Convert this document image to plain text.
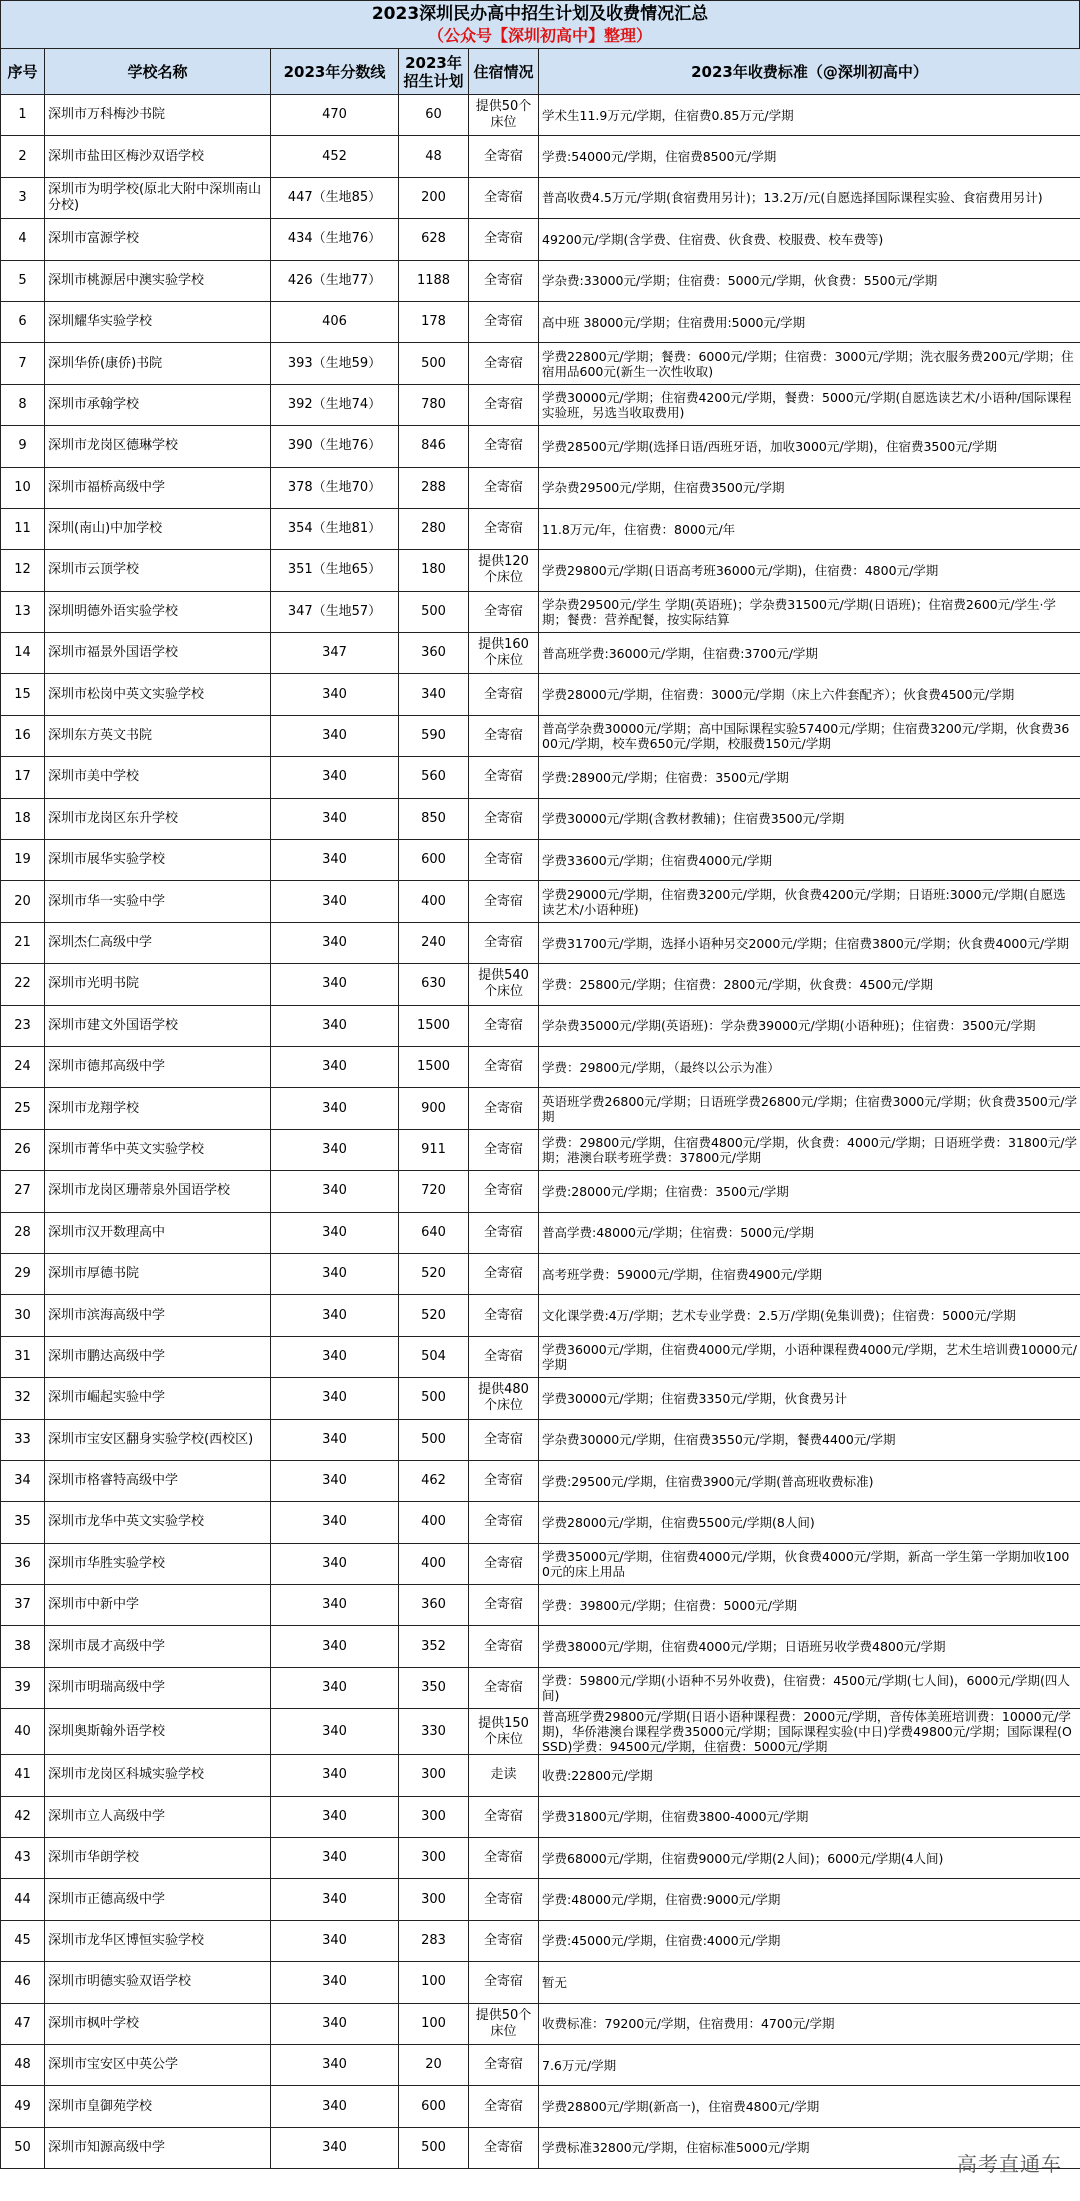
2023深圳民办高中招生计划及收费情况汇总
（公众号【深圳初高中】整理）
序号	学校名称	2023年分数线	2023年招生计划	住宿情况	2023年收费标准（@深圳初高中）
1	深圳市万科梅沙书院	470	60	提供50个床位	学术生11.9万元/学期，住宿费0.85万元/学期
2	深圳市盐田区梅沙双语学校	452	48	全寄宿	学费:54000元/学期，住宿费8500元/学期
3	深圳市为明学校(原北大附中深圳南山分校)	447（生地85）	200	全寄宿	普高收费4.5万元/学期(食宿费用另计)；13.2万/元(自愿选择国际课程实验、食宿费用另计)
4	深圳市富源学校	434（生地76）	628	全寄宿	49200元/学期(含学费、住宿费、伙食费、校服费、校车费等)
5	深圳市桃源居中澳实验学校	426（生地77）	1188	全寄宿	学杂费:33000元/学期；住宿费：5000元/学期，伙食费：5500元/学期
6	深圳耀华实验学校	406	178	全寄宿	高中班 38000元/学期；住宿费用:5000元/学期
7	深圳华侨(康侨)书院	393（生地59）	500	全寄宿	学费22800元/学期；餐费：6000元/学期；住宿费：3000元/学期；洗衣服务费200元/学期；住宿用品600元(新生一次性收取)
8	深圳市承翰学校	392（生地74）	780	全寄宿	学费30000元/学期；住宿费4200元/学期，餐费：5000元/学期(自愿选读艺术/小语种/国际课程实验班，另选当收取费用)
9	深圳市龙岗区德琳学校	390（生地76）	846	全寄宿	学费28500元/学期(选择日语/西班牙语，加收3000元/学期)，住宿费3500元/学期
10	深圳市福桥高级中学	378（生地70）	288	全寄宿	学杂费29500元/学期，住宿费3500元/学期
11	深圳(南山)中加学校	354（生地81）	280	全寄宿	11.8万元/年，住宿费：8000元/年
12	深圳市云顶学校	351（生地65）	180	提供120个床位	学费29800元/学期(日语高考班36000元/学期)，住宿费：4800元/学期
13	深圳明德外语实验学校	347（生地57）	500	全寄宿	学杂费29500元/学生 学期(英语班)；学杂费31500元/学期(日语班)；住宿费2600元/学生·学期；餐费：营养配餐，按实际结算
14	深圳市福景外国语学校	347	360	提供160个床位	普高班学费:36000元/学期，住宿费:3700元/学期
15	深圳市松岗中英文实验学校	340	340	全寄宿	学费28000元/学期，住宿费：3000元/学期（床上六件套配齐）；伙食费4500元/学期
16	深圳东方英文书院	340	590	全寄宿	普高学杂费30000元/学期；高中国际课程实验57400元/学期；住宿费3200元/学期，伙食费3600元/学期，校车费650元/学期，校服费150元/学期
17	深圳市美中学校	340	560	全寄宿	学费:28900元/学期；住宿费：3500元/学期
18	深圳市龙岗区东升学校	340	850	全寄宿	学费30000元/学期(含教材教辅)；住宿费3500元/学期
19	深圳市展华实验学校	340	600	全寄宿	学费33600元/学期；住宿费4000元/学期
20	深圳市华一实验中学	340	400	全寄宿	学费29000元/学期，住宿费3200元/学期，伙食费4200元/学期；日语班:3000元/学期(自愿选读艺术/小语种班)
21	深圳杰仁高级中学	340	240	全寄宿	学费31700元/学期，选择小语种另交2000元/学期；住宿费3800元/学期；伙食费4000元/学期
22	深圳市光明书院	340	630	提供540个床位	学费：25800元/学期；住宿费：2800元/学期，伙食费：4500元/学期
23	深圳市建文外国语学校	340	1500	全寄宿	学杂费35000元/学期(英语班)：学杂费39000元/学期(小语种班)；住宿费：3500元/学期
24	深圳市德邦高级中学	340	1500	全寄宿	学费：29800元/学期，（最终以公示为准）
25	深圳市龙翔学校	340	900	全寄宿	英语班学费26800元/学期；日语班学费26800元/学期；住宿费3000元/学期；伙食费3500元/学期
26	深圳市菁华中英文实验学校	340	911	全寄宿	学费：29800元/学期，住宿费4800元/学期，伙食费：4000元/学期；日语班学费：31800元/学期；港澳台联考班学费：37800元/学期
27	深圳市龙岗区珊蒂泉外国语学校	340	720	全寄宿	学费:28000元/学期；住宿费：3500元/学期
28	深圳市汉开数理高中	340	640	全寄宿	普高学费:48000元/学期；住宿费：5000元/学期
29	深圳市厚德书院	340	520	全寄宿	高考班学费：59000元/学期，住宿费4900元/学期
30	深圳市滨海高级中学	340	520	全寄宿	文化课学费:4万/学期；艺术专业学费：2.5万/学期(免集训费)；住宿费：5000元/学期
31	深圳市鹏达高级中学	340	504	全寄宿	学费36000元/学期，住宿费4000元/学期，小语种课程费4000元/学期，艺术生培训费10000元/学期
32	深圳市崛起实验中学	340	500	提供480个床位	学费30000元/学期；住宿费3350元/学期，伙食费另计
33	深圳市宝安区翻身实验学校(西校区)	340	500	全寄宿	学杂费30000元/学期，住宿费3550元/学期，餐费4400元/学期
34	深圳市格睿特高级中学	340	462	全寄宿	学费:29500元/学期，住宿费3900元/学期(普高班收费标准)
35	深圳市龙华中英文实验学校	340	400	全寄宿	学费28000元/学期，住宿费5500元/学期(8人间)
36	深圳市华胜实验学校	340	400	全寄宿	学费35000元/学期，住宿费4000元/学期，伙食费4000元/学期，新高一学生第一学期加收1000元的床上用品
37	深圳市中新中学	340	360	全寄宿	学费：39800元/学期；住宿费：5000元/学期
38	深圳市晟才高级中学	340	352	全寄宿	学费38000元/学期，住宿费4000元/学期；日语班另收学费4800元/学期
39	深圳市明瑞高级中学	340	350	全寄宿	学费：59800元/学期(小语种不另外收费)，住宿费：4500元/学期(七人间)，6000元/学期(四人间)
40	深圳奥斯翰外语学校	340	330	提供150个床位	普高班学费29800元/学期(日语小语种课程费：2000元/学期，音传体美班培训费：10000元/学期)，华侨港澳台课程学费35000元/学期；国际课程实验(中日)学费49800元/学期；国际课程(OSSD)学费：94500元/学期，住宿费：5000元/学期
41	深圳市龙岗区科城实验学校	340	300	走读	收费:22800元/学期
42	深圳市立人高级中学	340	300	全寄宿	学费31800元/学期，住宿费3800-4000元/学期
43	深圳市华朗学校	340	300	全寄宿	学费68000元/学期，住宿费9000元/学期(2人间)；6000元/学期(4人间)
44	深圳市正德高级中学	340	300	全寄宿	学费:48000元/学期，住宿费:9000元/学期
45	深圳市龙华区博恒实验学校	340	283	全寄宿	学费:45000元/学期，住宿费:4000元/学期
46	深圳市明德实验双语学校	340	100	全寄宿	暂无
47	深圳市枫叶学校	340	100	提供50个床位	收费标准：79200元/学期，住宿费用：4700元/学期
48	深圳市宝安区中英公学	340	20	全寄宿	7.6万元/学期
49	深圳市皇御苑学校	340	600	全寄宿	学费28800元/学期(新高一)，住宿费4800元/学期
50	深圳市知源高级中学	340	500	全寄宿	学费标准32800元/学期，住宿标准5000元/学期
高考直通车
